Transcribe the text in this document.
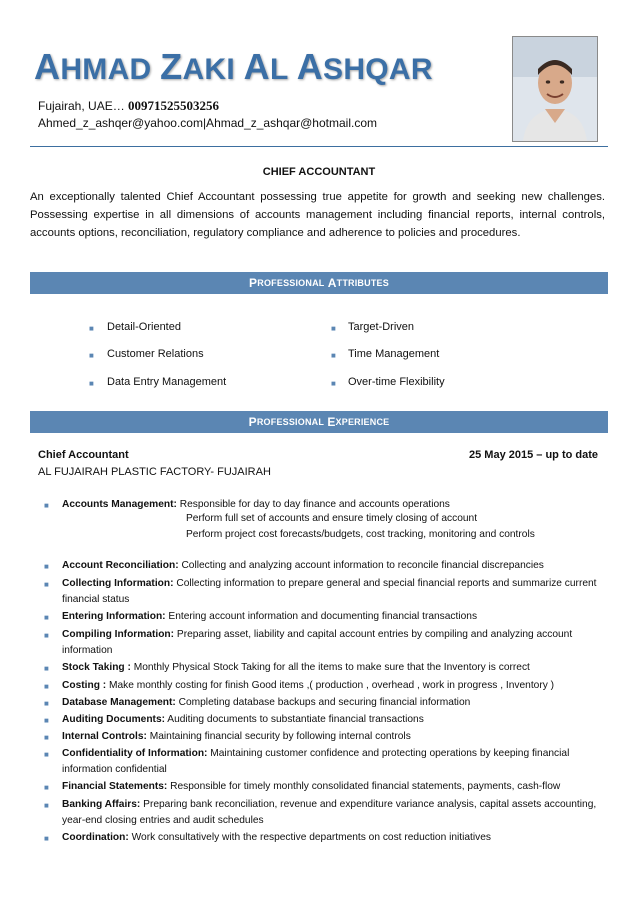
AHMAD ZAKI AL ASHQAR
Fujairah, UAE… 00971525503256
Ahmed_z_ashqer@yahoo.com|Ahmad_z_ashqar@hotmail.com
CHIEF ACCOUNTANT
An exceptionally talented Chief Accountant possessing true appetite for growth and seeking new challenges. Possessing expertise in all dimensions of accounts management including financial reports, internal controls, accounts options, reconciliation, regulatory compliance and adherence to policies and procedures.
P ROFESSIONAL
A TTRIBUTES
■ Detail-Oriented
■ Customer Relations
■ Data Entry Management
■ Target-Driven
■ Time Management
■ Over-time Flexibility
P ROFESSIONAL
E XPERIENCE
Chief Accountant	25 May 2015 – up to date
AL FUJAIRAH PLASTIC FACTORY- FUJAIRAH
■ Accounts Management: Responsible for day to day finance and accounts operations
Perform full set of accounts and ensure timely closing of account
Perform project cost forecasts/budgets, cost tracking, monitoring and controls
■ Account Reconciliation: Collecting and analyzing account information to reconcile financial discrepancies
■ Collecting Information: Collecting information to prepare general and special financial reports and summarize current financial status
■ Entering Information: Entering account information and documenting financial transactions
■ Compiling Information: Preparing asset, liability and capital account entries by compiling and analyzing account information
■ Stock Taking : Monthly Physical Stock Taking for all the items to make sure that the Inventory is correct
■ Costing : Make monthly costing for finish Good items ,( production , overhead , work in progress , Inventory )
■ Database Management: Completing database backups and securing financial information
■ Auditing Documents: Auditing documents to substantiate financial transactions
■ Internal Controls: Maintaining financial security by following internal controls
■ Confidentiality of Information: Maintaining customer confidence and protecting operations by keeping financial information confidential
■ Financial Statements: Responsible for timely monthly consolidated financial statements, payments, cash-flow
■ Banking Affairs: Preparing bank reconciliation, revenue and expenditure variance analysis, capital assets accounting, year-end closing entries and audit schedules
■ Coordination: Work consultatively with the respective departments on cost reduction initiatives
